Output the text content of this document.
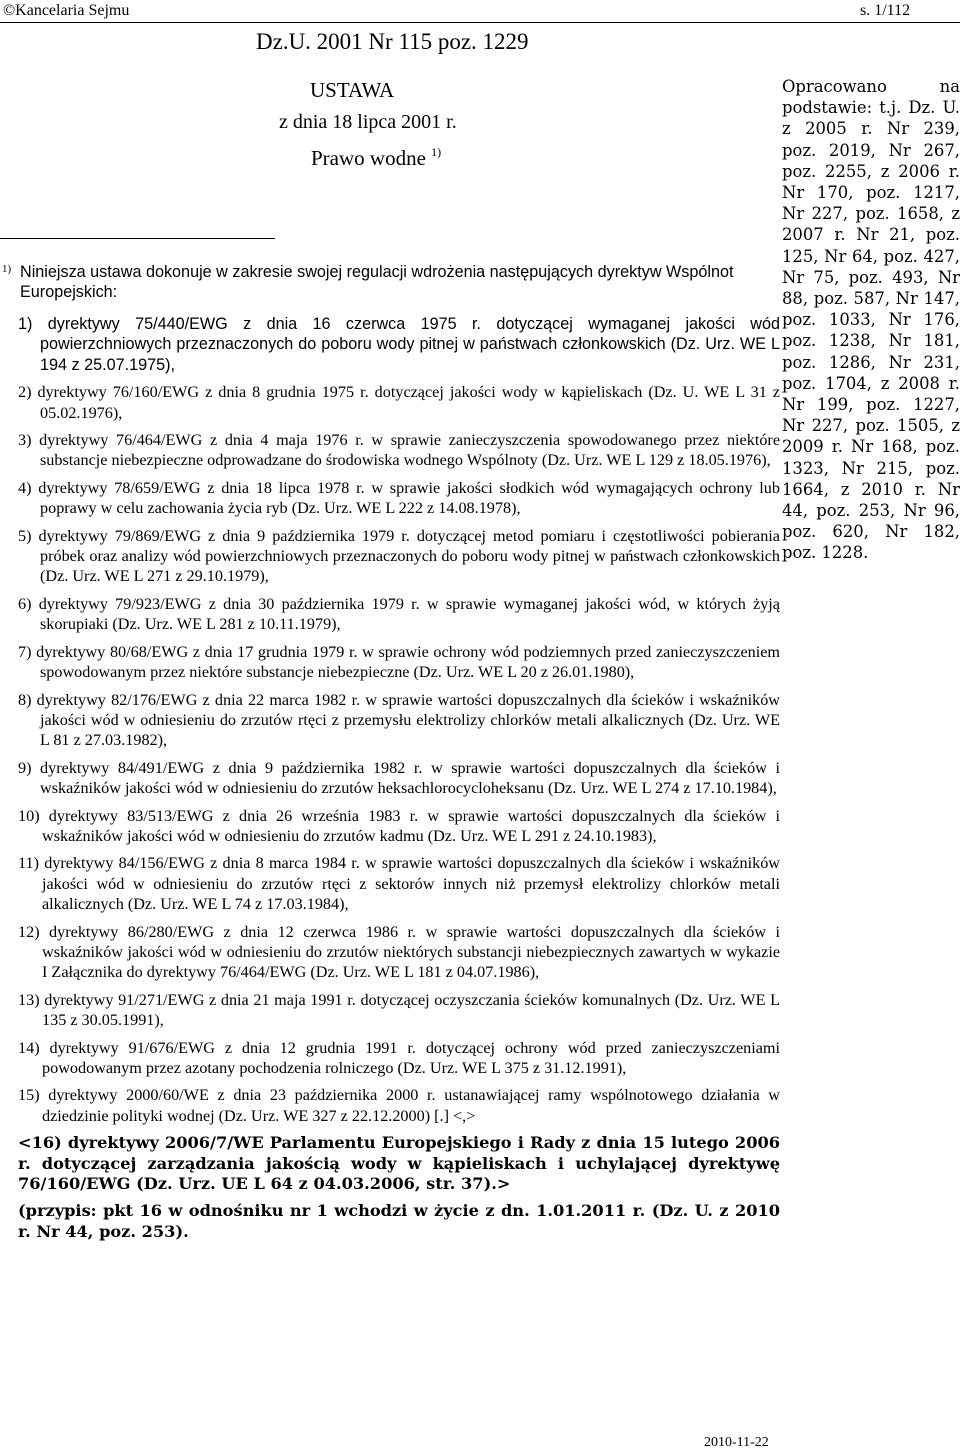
©Kancelaria Sejmu	s. 1/112
Dz.U. 2001 Nr 115 poz. 1229
USTAWA
z dnia 18 lipca 2001 r.
Prawo wodne $^{1)}$
Opracowano na podstawie: t.j. Dz. U. z 2005 r. Nr 239, poz. 2019, Nr 267, poz. 2255, z 2006 r. Nr 170, poz. 1217, Nr 227, poz. 1658, z 2007 r. Nr 21, poz. 125, Nr 64, poz. 427, Nr 75, poz. 493, Nr 88, poz. 587, Nr 147, poz. 1033, Nr 176, poz. 1238, Nr 181, poz. 1286, Nr 231, poz. 1704, z 2008 r. Nr 199, poz. 1227, Nr 227, poz. 1505, z 2009 r. Nr 168, poz. 1323, Nr 215, poz. 1664, z 2010 r. Nr 44, poz. 253, Nr 96, poz. 620, Nr 182, poz. 1228.
1) Niniejsza ustawa dokonuje w zakresie swojej regulacji wdrożenia następujących dyrektyw Wspólnot Europejskich:
1) dyrektywy 75/440/EWG z dnia 16 czerwca 1975 r. dotyczącej wymaganej jakości wód powierzchniowych przeznaczonych do poboru wody pitnej w państwach członkowskich (Dz. Urz. WE L 194 z 25.07.1975),
2) dyrektywy 76/160/EWG z dnia 8 grudnia 1975 r. dotyczącej jakości wody w kąpieliskach (Dz. U. WE L 31 z 05.02.1976),
3) dyrektywy 76/464/EWG z dnia 4 maja 1976 r. w sprawie zanieczyszczenia spowodowanego przez niektóre substancje niebezpieczne odprowadzane do środowiska wodnego Wspólnoty (Dz. Urz. WE L 129 z 18.05.1976),
4) dyrektywy 78/659/EWG z dnia 18 lipca 1978 r. w sprawie jakości słodkich wód wymagających ochrony lub poprawy w celu zachowania życia ryb (Dz. Urz. WE L 222 z 14.08.1978),
5) dyrektywy 79/869/EWG z dnia 9 października 1979 r. dotyczącej metod pomiaru i częstotliwości pobierania próbek oraz analizy wód powierzchniowych przeznaczonych do poboru wody pitnej w państwach członkowskich (Dz. Urz. WE L 271 z 29.10.1979),
6) dyrektywy 79/923/EWG z dnia 30 października 1979 r. w sprawie wymaganej jakości wód, w których żyją skorupiaki (Dz. Urz. WE L 281 z 10.11.1979),
7) dyrektywy 80/68/EWG z dnia 17 grudnia 1979 r. w sprawie ochrony wód podziemnych przed zanieczyszczeniem spowodowanym przez niektóre substancje niebezpieczne (Dz. Urz. WE L 20 z 26.01.1980),
8) dyrektywy 82/176/EWG z dnia 22 marca 1982 r. w sprawie wartości dopuszczalnych dla ścieków i wskaźników jakości wód w odniesieniu do zrzutów rtęci z przemysłu elektrolizy chlorków metali alkalicznych (Dz. Urz. WE L 81 z 27.03.1982),
9) dyrektywy 84/491/EWG z dnia 9 października 1982 r. w sprawie wartości dopuszczalnych dla ścieków i wskaźników jakości wód w odniesieniu do zrzutów heksachlorocycloheksanu (Dz. Urz. WE L 274 z 17.10.1984),
10) dyrektywy 83/513/EWG z dnia 26 września 1983 r. w sprawie wartości dopuszczalnych dla ścieków i wskaźników jakości wód w odniesieniu do zrzutów kadmu (Dz. Urz. WE L 291 z 24.10.1983),
11) dyrektywy 84/156/EWG z dnia 8 marca 1984 r. w sprawie wartości dopuszczalnych dla ścieków i wskaźników jakości wód w odniesieniu do zrzutów rtęci z sektorów innych niż przemysł elektrolizy chlorków metali alkalicznych (Dz. Urz. WE L 74 z 17.03.1984),
12) dyrektywy 86/280/EWG z dnia 12 czerwca 1986 r. w sprawie wartości dopuszczalnych dla ścieków i wskaźników jakości wód w odniesieniu do zrzutów niektórych substancji niebezpiecznych zawartych w wykazie I Załącznika do dyrektywy 76/464/EWG (Dz. Urz. WE L 181 z 04.07.1986),
13) dyrektywy 91/271/EWG z dnia 21 maja 1991 r. dotyczącej oczyszczania ścieków komunalnych (Dz. Urz. WE L 135 z 30.05.1991),
14) dyrektywy 91/676/EWG z dnia 12 grudnia 1991 r. dotyczącej ochrony wód przed zanieczyszczeniami powodowanym przez azotany pochodzenia rolniczego (Dz. Urz. WE L 375 z 31.12.1991),
15) dyrektywy 2000/60/WE z dnia 23 października 2000 r. ustanawiającej ramy wspólnotowego działania w dziedzinie polityki wodnej (Dz. Urz. WE 327 z 22.12.2000) [.] <,>
<16) dyrektywy 2006/7/WE Parlamentu Europejskiego i Rady z dnia 15 lutego 2006 r. dotyczącej zarządzania jakością wody w kąpieliskach i uchylającej dyrektywę 76/160/EWG (Dz. Urz. UE L 64 z 04.03.2006, str. 37).>
(przypis: pkt 16 w odnośniku nr 1 wchodzi w życie z dn. 1.01.2011 r. (Dz. U. z 2010 r. Nr 44, poz. 253).
2010-11-22
